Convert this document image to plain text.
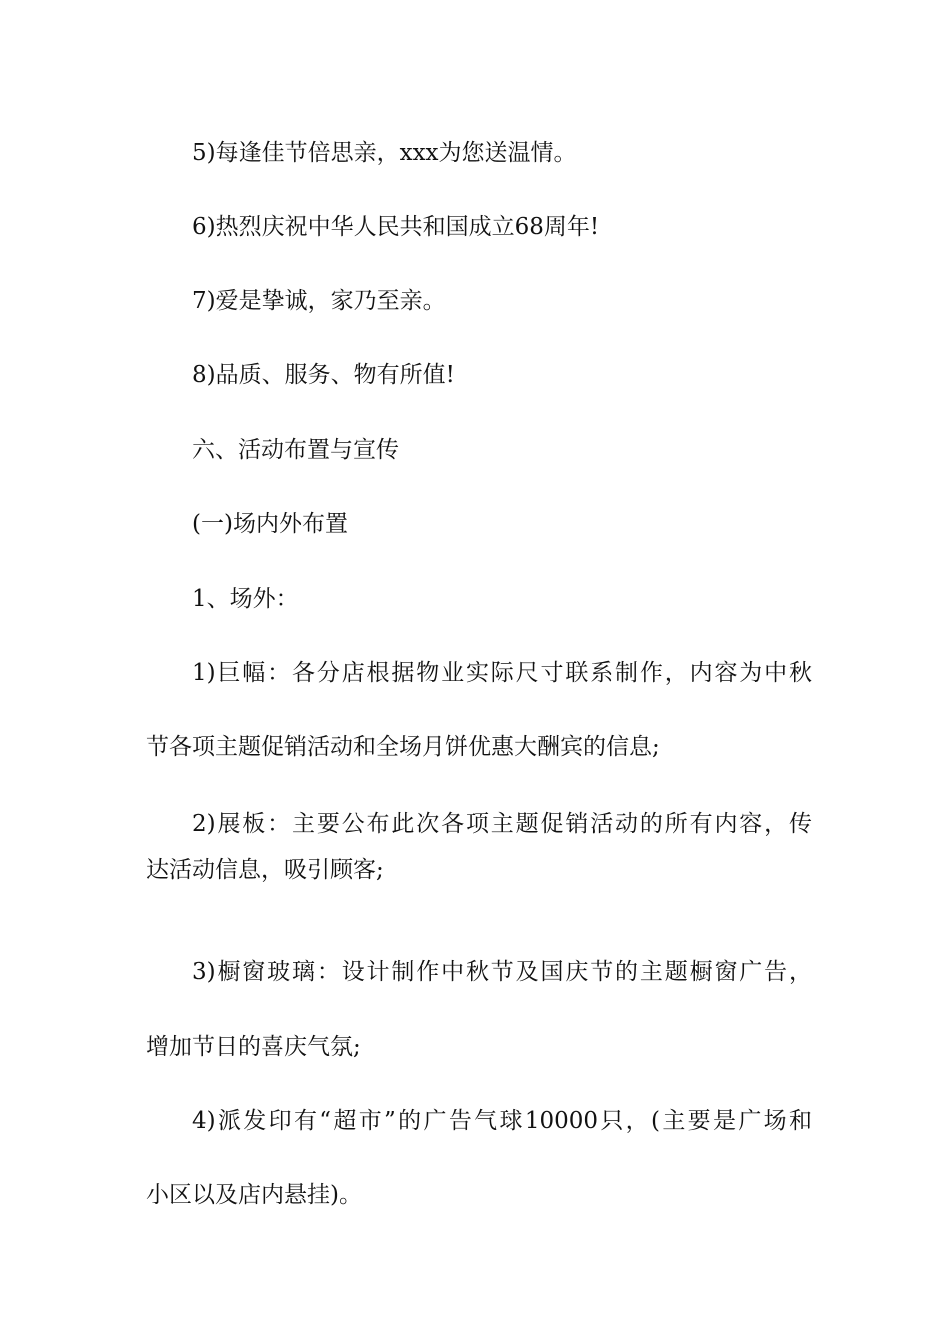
5)每逢佳节倍思亲，xxx为您送温情。

6)热烈庆祝中华人民共和国成立68周年!

7)爱是挚诚，家乃至亲。

8)品质、服务、物有所值!

六、活动布置与宣传

(一)场内外布置

1、场外：

1)巨幅：各分店根据物业实际尺寸联系制作，内容为中秋

节各项主题促销活动和全场月饼优惠大酬宾的信息;

2)展板：主要公布此次各项主题促销活动的所有内容，传

达活动信息，吸引顾客;

3)橱窗玻璃：设计制作中秋节及国庆节的主题橱窗广告，

增加节日的喜庆气氛;

4)派发印有“超市”的广告气球10000只，(主要是广场和

小区以及店内悬挂)。
